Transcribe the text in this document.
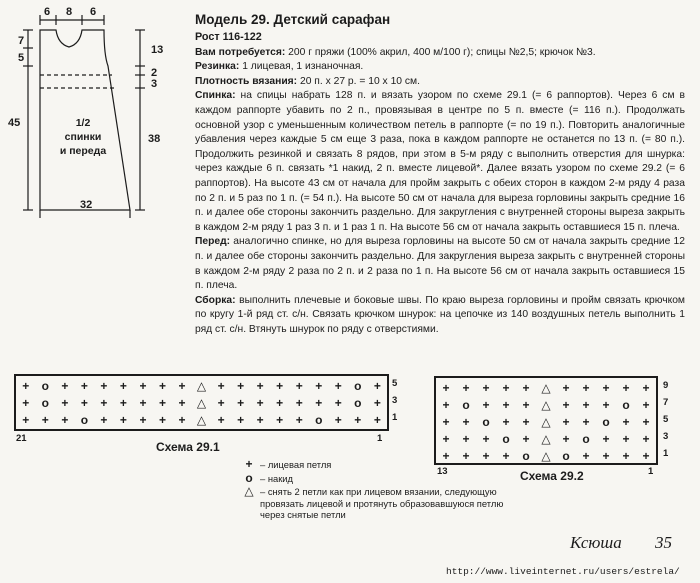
6 8 6
7
5
45
13
2
3
38
32
1/2
спинки
и переда
Модель 29. Детский сарафан
Рост 116-122

Вам потребуется: 200 г пряжи (100% акрил, 400 м/100 г); спицы №2,5; крючок №3.

Резинка: 1 лицевая, 1 изнаночная.

Плотность вязания: 20 п. x 27 р. = 10 x 10 см.

Спинка: на спицы набрать 128 п. и вязать узором по схеме 29.1 (= 6 раппортов). Через 6 см в каждом раппорте убавить по 2 п., провязывая в центре по 5 п. вместе (= 116 п.). Продолжать основной узор с уменьшенным количеством петель в раппорте (= по 19 п.). Повторить аналогичные убавления через каждые 5 см еще 3 раза, пока в каждом раппорте не останется по 13 п. (= 80 п.). Продолжить резинкой и связать 8 рядов, при этом в 5-м ряду с выполнить отверстия для шнурка: через каждые 6 п. связать *1 накид, 2 п. вместе лицевой*. Далее вязать узором по схеме 29.2 (= 6 раппортов). На высоте 43 см от начала для пройм закрыть с обеих сторон в каждом 2-м ряду 4 раза по 2 п. и 5 раз по 1 п. (= 54 п.). На высоте 50 см от начала для выреза горловины закрыть средние 16 п. и далее обе стороны закончить раздельно. Для закругления с внутренней стороны выреза закрыть в каждом 2-м ряду 1 раз 3 п. и 1 раз 1 п. На высоте 56 см от начала закрыть оставшиеся 15 п. плеча.

Перед: аналогично спинке, но для выреза горловины на высоте 50 см от начала закрыть средние 12 п. и далее обе стороны закончить раздельно. Для закругления выреза закрыть с внутренней стороны в каждом 2-м ряду 2 раза по 2 п. и 2 раза по 1 п. На высоте 56 см от начала закрыть оставшиеся 15 п. плеча.

Сборка: выполнить плечевые и боковые швы. По краю выреза горловины и пройм связать крючком по кругу 1-й ряд ст. с/н. Связать крючком шнурок: на цепочке из 140 воздушных петель выполнить 1 ряд ст. с/н. Втянуть шнурок по ряду с отверстиями.

+	o	+	+	+	+	+	+	+ △ +	+	+	+	+	+	+	o	+
+	o	+	+	+	+	+	+	+ △ +	+	+	+	+	+	+	o	+
+	+	+	o	+	+	+	+	+ △ +	+	+	+	+	o	+	+	+
5
3
1
21	1
Схема 29.1
+	+	+	+	+ △ +	+	+	+	+
+	o	+	+	+ △ +	+	+	o	+
+	+	o	+	+ △ +	+	o	+	+
+	+	+	o	+ △ +	o	+	+	+
+	+	+	+	o △ o	+	+	+	+
9
7
5
3
1
13	1
Схема 29.2
+ – лицевая петля
o – накид
△ – снять 2 петли как при лицевом вязании, следующую провязать лицевой и протянуть образовавшуюся петлю через снятые петли
Ксюша 35
http://www.liveinternet.ru/users/estrela/
